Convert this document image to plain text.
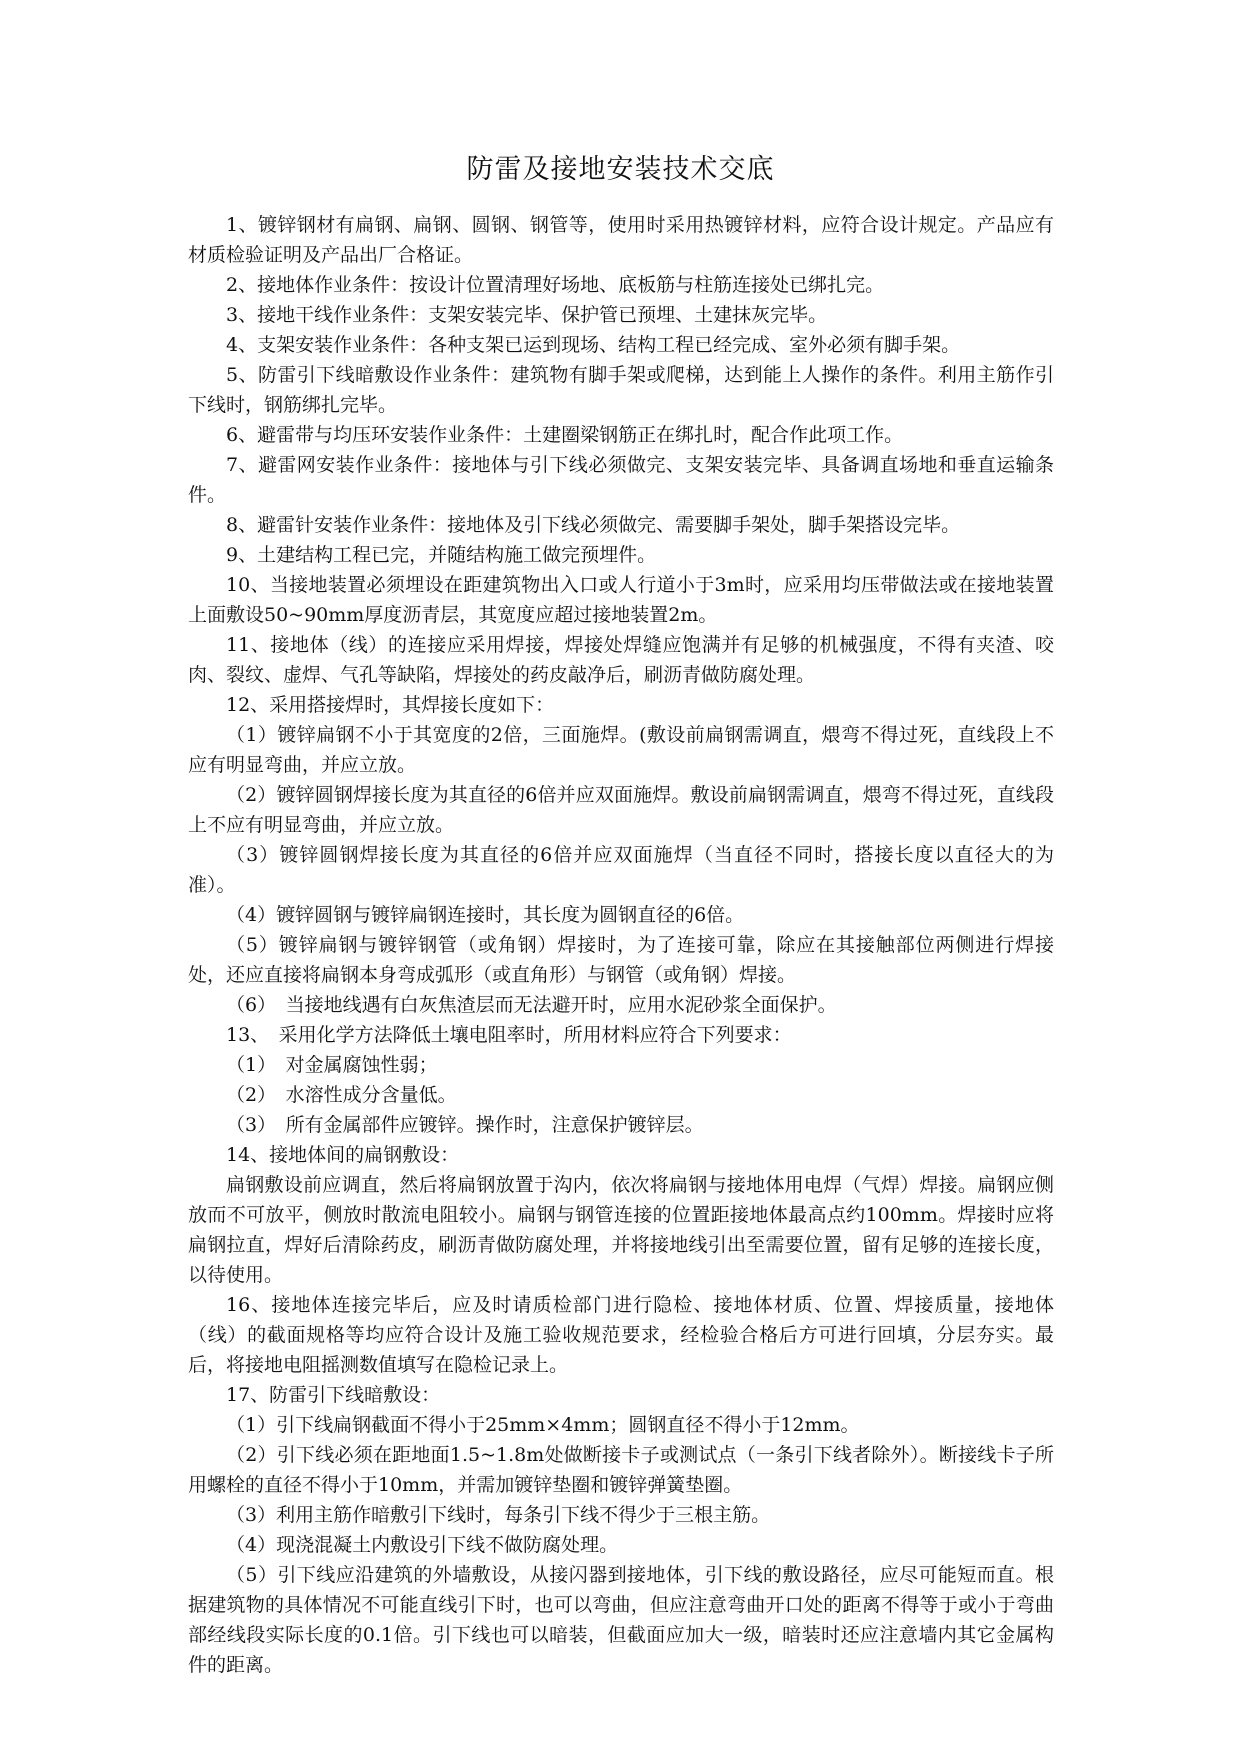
防雷及接地安装技术交底

1、镀锌钢材有扁钢、扁钢、圆钢、钢管等，使用时采用热镀锌材料，应符合设计规定。产品应有材质检验证明及产品出厂合格证。

2、接地体作业条件：按设计位置清理好场地、底板筋与柱筋连接处已绑扎完。

3、接地干线作业条件：支架安装完毕、保护管已预埋、土建抹灰完毕。

4、支架安装作业条件：各种支架已运到现场、结构工程已经完成、室外必须有脚手架。

5、防雷引下线暗敷设作业条件：建筑物有脚手架或爬梯，达到能上人操作的条件。利用主筋作引下线时，钢筋绑扎完毕。

6、避雷带与均压环安装作业条件：土建圈梁钢筋正在绑扎时，配合作此项工作。

7、避雷网安装作业条件：接地体与引下线必须做完、支架安装完毕、具备调直场地和垂直运输条件。

8、避雷针安装作业条件：接地体及引下线必须做完、需要脚手架处，脚手架搭设完毕。

9、土建结构工程已完，并随结构施工做完预埋件。

10、当接地装置必须埋设在距建筑物出入口或人行道小于3m时，应采用均压带做法或在接地装置上面敷设50~90mm厚度沥青层，其宽度应超过接地装置2m。

11、接地体（线）的连接应采用焊接，焊接处焊缝应饱满并有足够的机械强度，不得有夹渣、咬肉、裂纹、虚焊、气孔等缺陷，焊接处的药皮敲净后，刷沥青做防腐处理。

12、采用搭接焊时，其焊接长度如下：

（1）镀锌扁钢不小于其宽度的2倍，三面施焊。(敷设前扁钢需调直，煨弯不得过死，直线段上不应有明显弯曲，并应立放。

（2）镀锌圆钢焊接长度为其直径的6倍并应双面施焊。敷设前扁钢需调直，煨弯不得过死，直线段上不应有明显弯曲，并应立放。

（3）镀锌圆钢焊接长度为其直径的6倍并应双面施焊（当直径不同时，搭接长度以直径大的为准）。

（4）镀锌圆钢与镀锌扁钢连接时，其长度为圆钢直径的6倍。

（5）镀锌扁钢与镀锌钢管（或角钢）焊接时，为了连接可靠，除应在其接触部位两侧进行焊接处，还应直接将扁钢本身弯成弧形（或直角形）与钢管（或角钢）焊接。

（6）　当接地线遇有白灰焦渣层而无法避开时，应用水泥砂浆全面保护。

13、　采用化学方法降低土壤电阻率时，所用材料应符合下列要求：

（1）　对金属腐蚀性弱；

（2）　水溶性成分含量低。

（3）　所有金属部件应镀锌。操作时，注意保护镀锌层。

14、接地体间的扁钢敷设：

扁钢敷设前应调直，然后将扁钢放置于沟内，依次将扁钢与接地体用电焊（气焊）焊接。扁钢应侧放而不可放平，侧放时散流电阻较小。扁钢与钢管连接的位置距接地体最高点约100mm。焊接时应将扁钢拉直，焊好后清除药皮，刷沥青做防腐处理，并将接地线引出至需要位置，留有足够的连接长度，以待使用。

16、接地体连接完毕后，应及时请质检部门进行隐检、接地体材质、位置、焊接质量，接地体（线）的截面规格等均应符合设计及施工验收规范要求，经检验合格后方可进行回填，分层夯实。最后，将接地电阻摇测数值填写在隐检记录上。

17、防雷引下线暗敷设：

（1）引下线扁钢截面不得小于25mm×4mm；圆钢直径不得小于12mm。

（2）引下线必须在距地面1.5~1.8m处做断接卡子或测试点（一条引下线者除外）。断接线卡子所用螺栓的直径不得小于10mm，并需加镀锌垫圈和镀锌弹簧垫圈。

（3）利用主筋作暗敷引下线时，每条引下线不得少于三根主筋。

（4）现浇混凝土内敷设引下线不做防腐处理。

（5）引下线应沿建筑的外墙敷设，从接闪器到接地体，引下线的敷设路径，应尽可能短而直。根据建筑物的具体情况不可能直线引下时，也可以弯曲，但应注意弯曲开口处的距离不得等于或小于弯曲部经线段实际长度的0.1倍。引下线也可以暗装，但截面应加大一级，暗装时还应注意墙内其它金属构件的距离。
